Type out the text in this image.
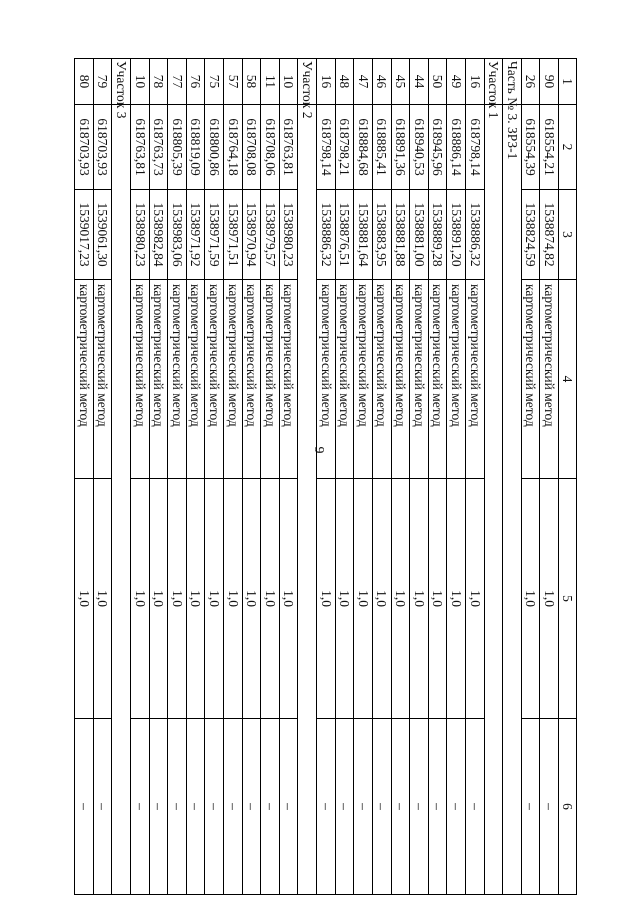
9
1	2	3	4	5	6
90	618554,21	1538874,82	картометрический метод	1,0	–
26	618554,39	1538824,59	картометрический метод	1,0	–
Часть № 3. ЗРЗ-1					
Участок 1					
16	618798,14	1538886,32	картометрический метод	1,0	–
49	618886,14	1538891,20	картометрический метод	1,0	–
50	618945,96	1538889,28	картометрический метод	1,0	–
44	618940,53	1538881,00	картометрический метод	1,0	–
45	618891,36	1538881,88	картометрический метод	1,0	–
46	618885,41	1538883,95	картометрический метод	1,0	–
47	618884,68	1538881,64	картометрический метод	1,0	–
48	618798,21	1538876,51	картометрический метод	1,0	–
16	618798,14	1538886,32	картометрический метод	1,0	–
Участок 2					
10	618763,81	1538980,23	картометрический метод	1,0	–
11	618708,06	1538979,57	картометрический метод	1,0	–
58	618708,08	1538970,94	картометрический метод	1,0	–
57	618764,18	1538971,51	картометрический метод	1,0	–
75	618800,86	1538971,59	картометрический метод	1,0	–
76	618819,09	1538971,92	картометрический метод	1,0	–
77	618805,39	1538983,06	картометрический метод	1,0	–
78	618763,73	1538982,84	картометрический метод	1,0	–
10	618763,81	1538980,23	картометрический метод	1,0	–
Участок 3					
79	618703,93	1539061,30	картометрический метод	1,0	–
80	618703,93	1539017,23	картометрический метод	1,0	–
